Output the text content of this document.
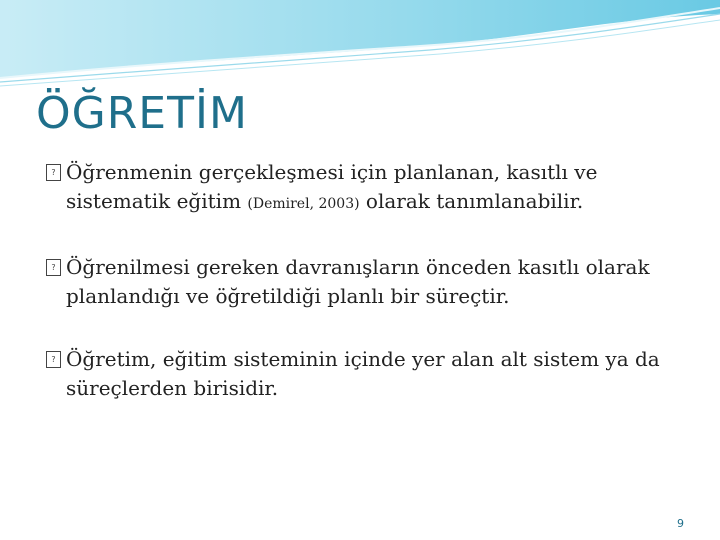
ÖĞRETİM
? Öğrenmenin gerçekleşmesi için planlanan, kasıtlı ve sistematik eğitim (Demirel, 2003) olarak tanımlanabilir.
? Öğrenilmesi gereken davranışların önceden kasıtlı olarak planlandığı ve öğretildiği planlı bir süreçtir.
? Öğretim, eğitim sisteminin içinde yer alan alt sistem ya da süreçlerden birisidir.
9
